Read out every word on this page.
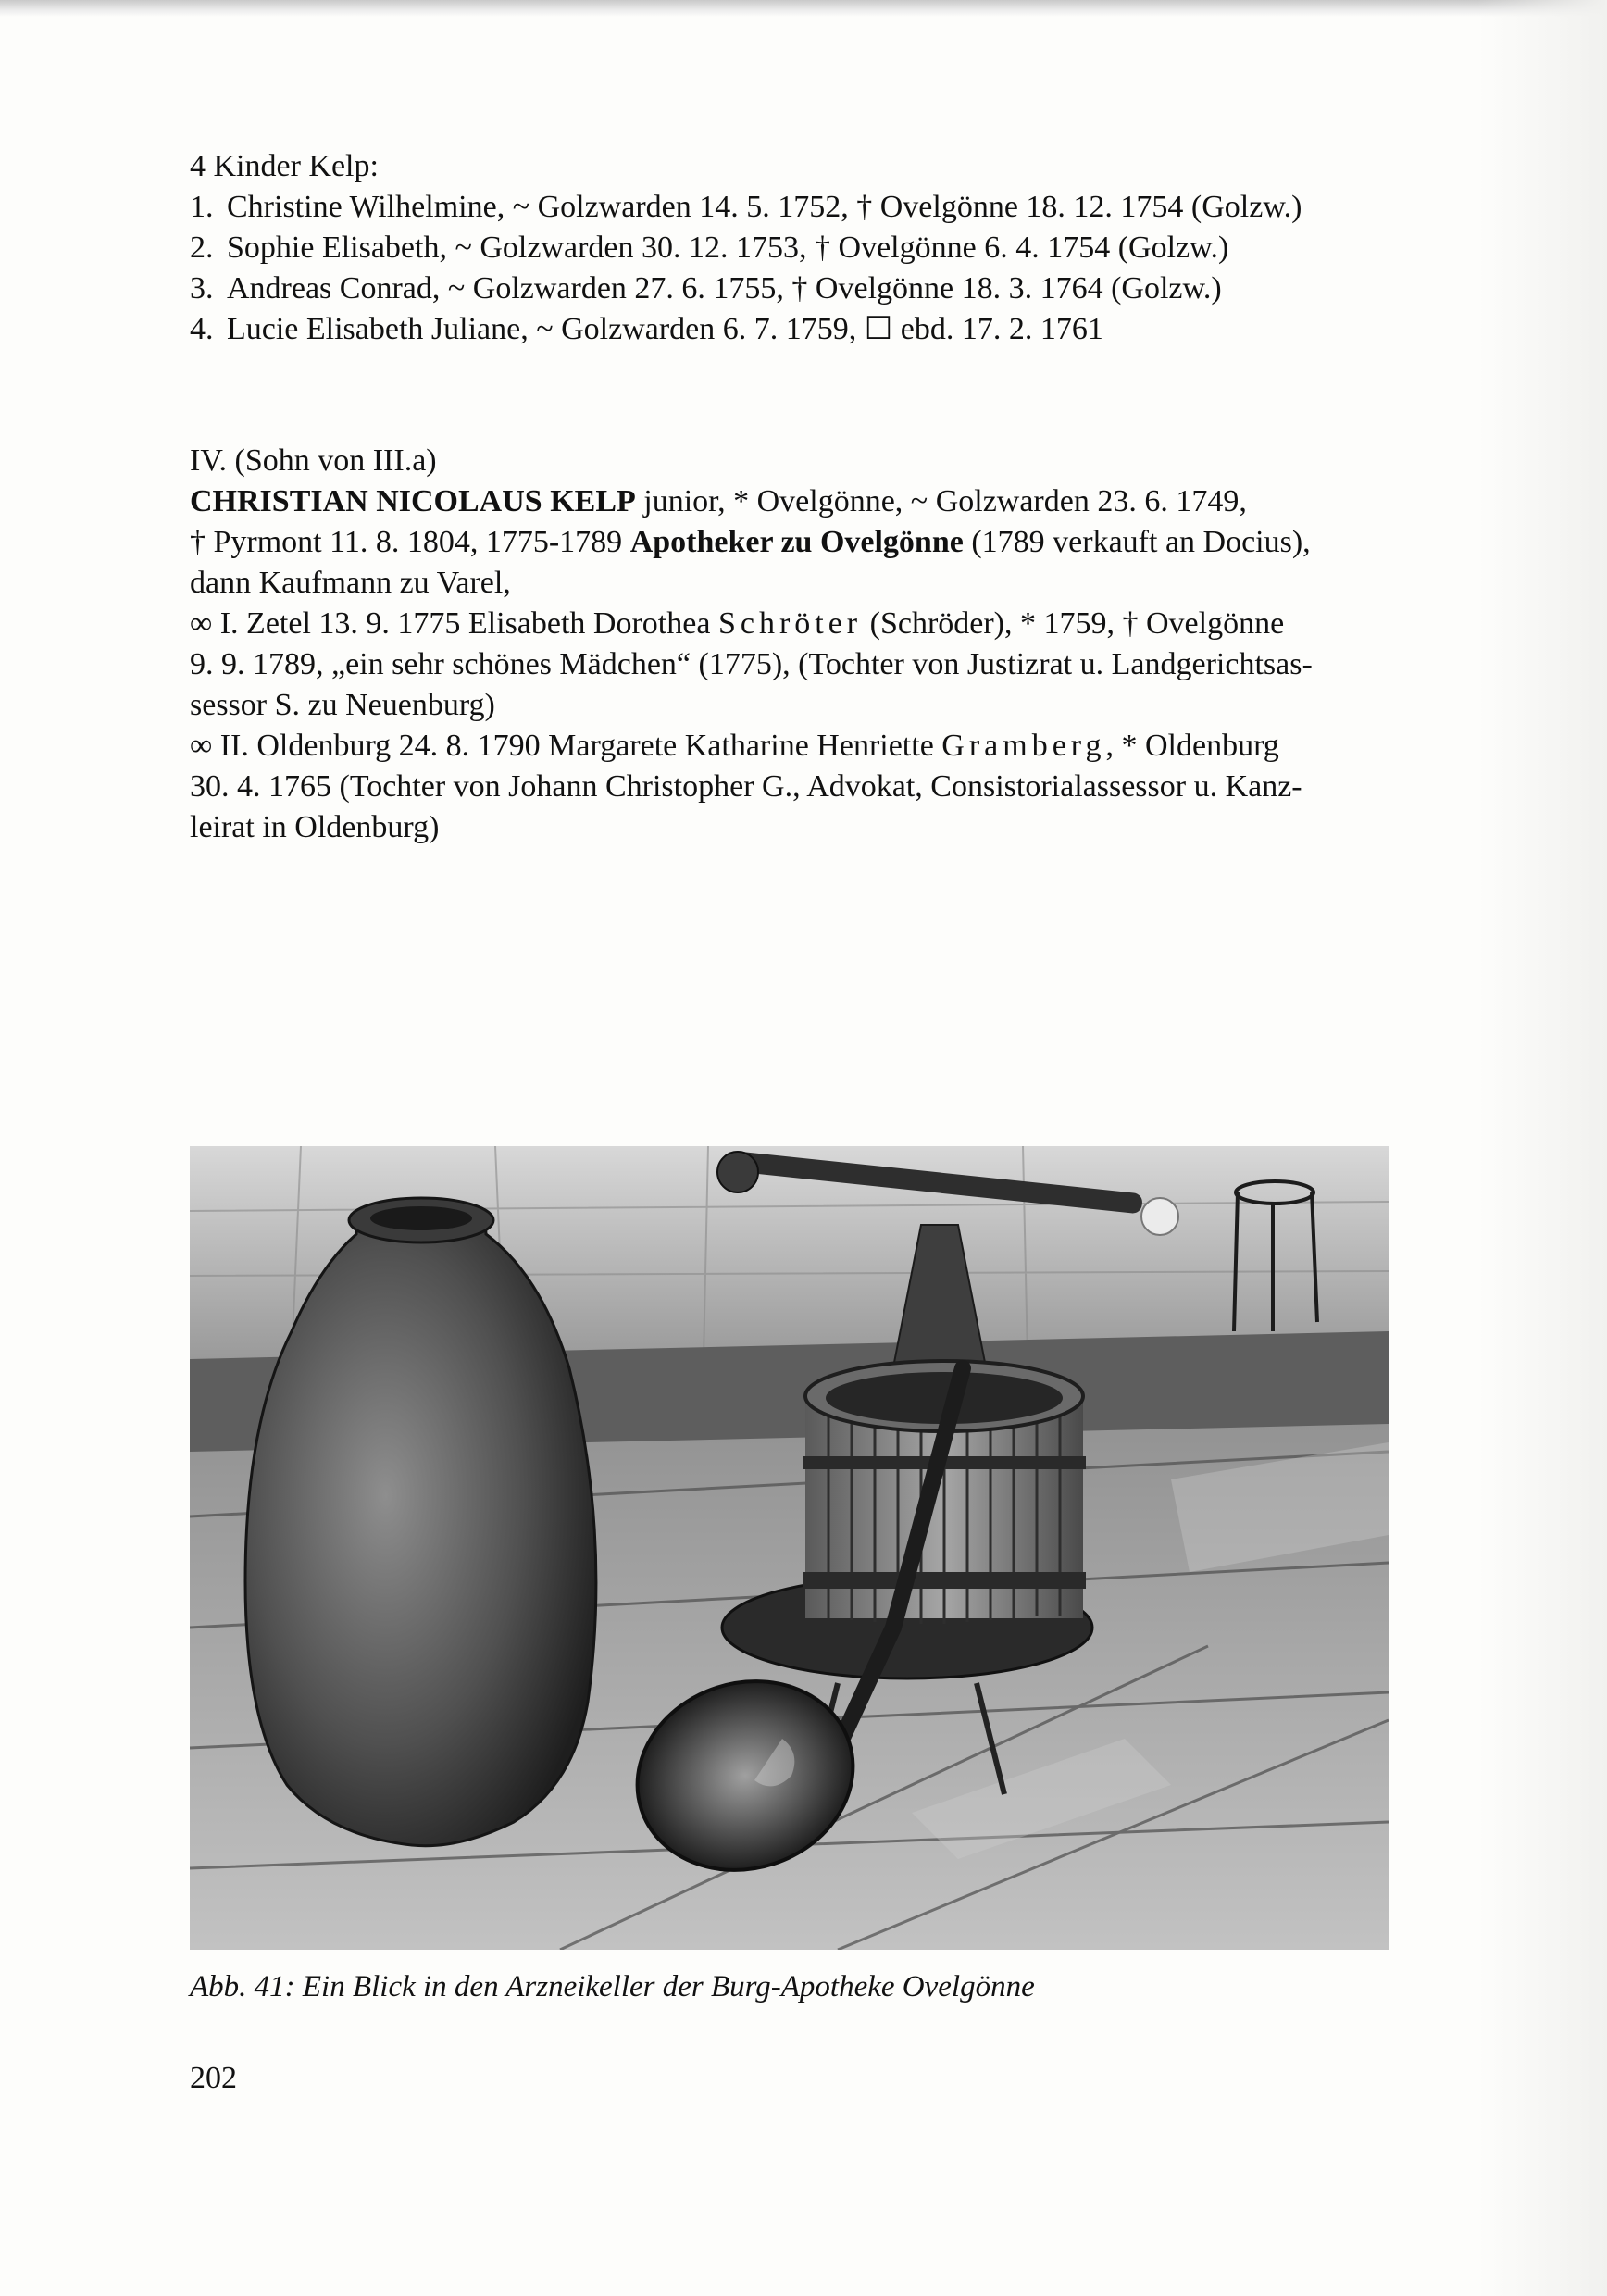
4 Kinder Kelp:
1. Christine Wilhelmine, ~ Golzwarden 14. 5. 1752, † Ovelgönne 18. 12. 1754 (Golzw.)
2. Sophie Elisabeth, ~ Golzwarden 30. 12. 1753, † Ovelgönne 6. 4. 1754 (Golzw.)
3. Andreas Conrad, ~ Golzwarden 27. 6. 1755, † Ovelgönne 18. 3. 1764 (Golzw.)
4. Lucie Elisabeth Juliane, ~ Golzwarden 6. 7. 1759, ☐ ebd. 17. 2. 1761
IV. (Sohn von III.a)
CHRISTIAN NICOLAUS KELP junior, * Ovelgönne, ~ Golzwarden 23. 6. 1749,
† Pyrmont 11. 8. 1804, 1775-1789 Apotheker zu Ovelgönne (1789 verkauft an Docius),
dann Kaufmann zu Varel,
∞ I. Zetel 13. 9. 1775 Elisabeth Dorothea Schröter (Schröder), * 1759, † Ovelgönne
9. 9. 1789, „ein sehr schönes Mädchen“ (1775), (Tochter von Justizrat u. Landgerichtsas-
sessor S. zu Neuenburg)
∞ II. Oldenburg 24. 8. 1790 Margarete Katharine Henriette Gramberg, * Oldenburg
30. 4. 1765 (Tochter von Johann Christopher G., Advokat, Consistorialassessor u. Kanz-
leirat in Oldenburg)
Abb. 41: Ein Blick in den Arzneikeller der Burg-Apotheke Ovelgönne
202
